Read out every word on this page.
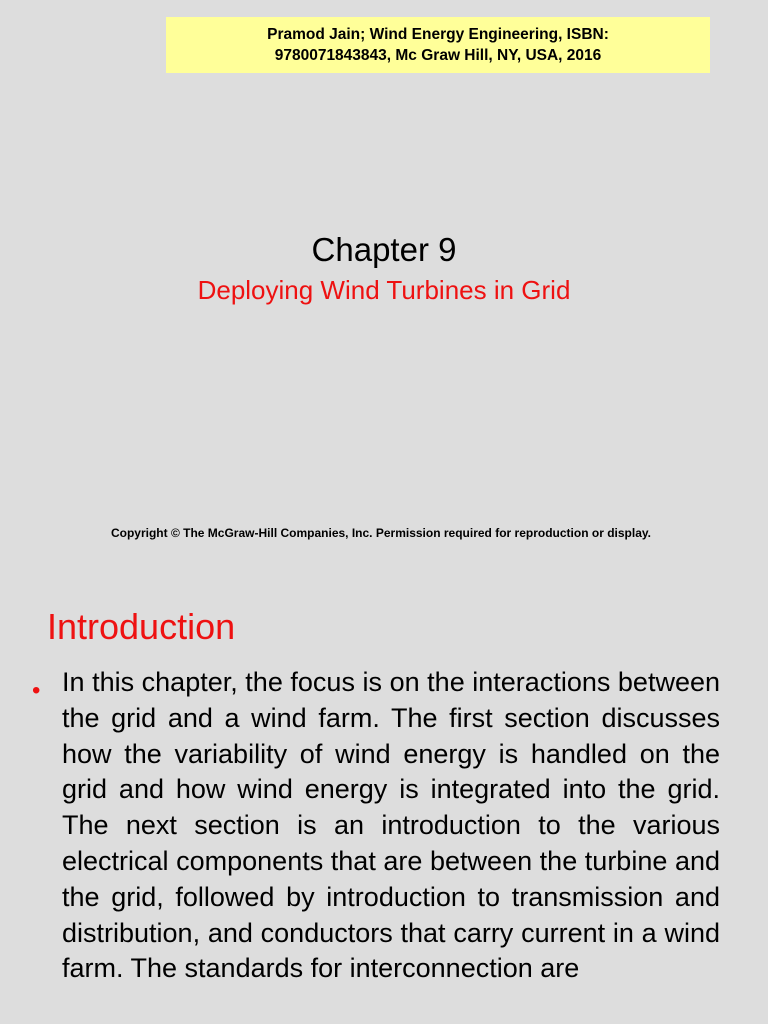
Pramod Jain; Wind Energy Engineering, ISBN:
9780071843843, Mc Graw Hill, NY, USA, 2016
Chapter 9
Deploying Wind Turbines in Grid
Copyright © The McGraw-Hill Companies, Inc. Permission required for reproduction or display.
Introduction
• In this chapter, the focus is on the interactions between the grid and a wind farm. The first section discusses how the variability of wind energy is handled on the grid and how wind energy is integrated into the grid. The next section is an introduction to the various electrical components that are between the turbine and the grid, followed by introduction to transmission and distribution, and conductors that carry current in a wind farm. The standards for interconnection are
